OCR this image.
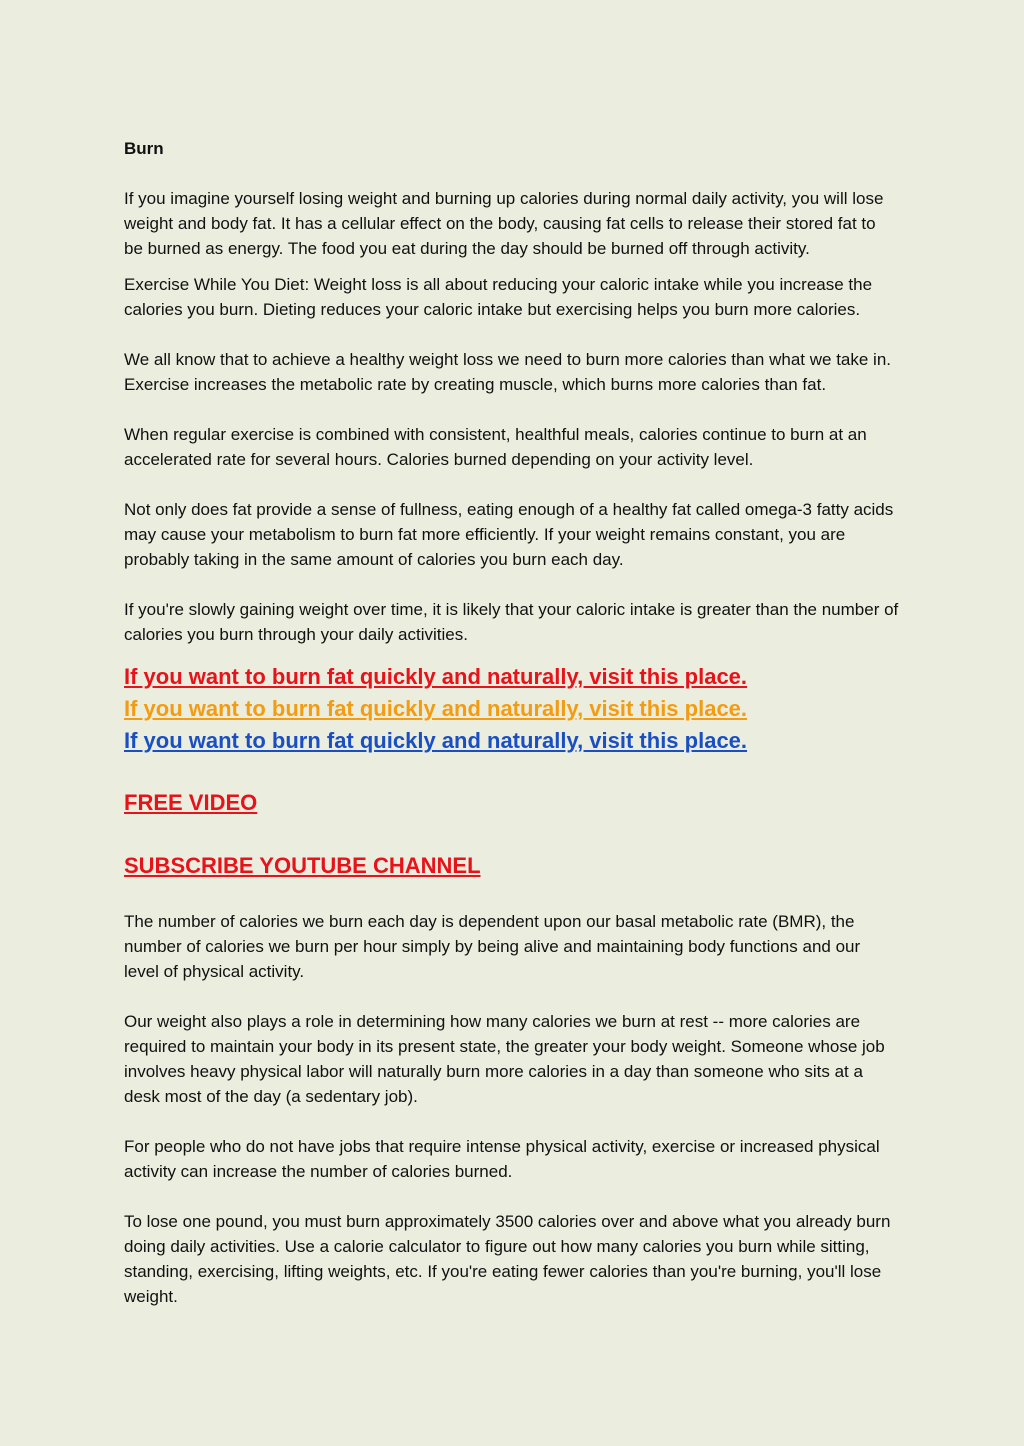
Burn

If you imagine yourself losing weight and burning up calories during normal daily activity, you will lose weight and body fat. It has a cellular effect on the body, causing fat cells to release their stored fat to be burned as energy. The food you eat during the day should be burned off through activity.

Exercise While You Diet: Weight loss is all about reducing your caloric intake while you increase the calories you burn. Dieting reduces your caloric intake but exercising helps you burn more calories.

We all know that to achieve a healthy weight loss we need to burn more calories than what we take in. Exercise increases the metabolic rate by creating muscle, which burns more calories than fat.

When regular exercise is combined with consistent, healthful meals, calories continue to burn at an accelerated rate for several hours. Calories burned depending on your activity level.

Not only does fat provide a sense of fullness, eating enough of a healthy fat called omega-3 fatty acids may cause your metabolism to burn fat more efficiently. If your weight remains constant, you are probably taking in the same amount of calories you burn each day.

If you're slowly gaining weight over time, it is likely that your caloric intake is greater than the number of calories you burn through your daily activities.

If you want to burn fat quickly and naturally, visit this place.
If you want to burn fat quickly and naturally, visit this place.
If you want to burn fat quickly and naturally, visit this place.
FREE VIDEO
SUBSCRIBE YOUTUBE CHANNEL

The number of calories we burn each day is dependent upon our basal metabolic rate (BMR), the number of calories we burn per hour simply by being alive and maintaining body functions and our level of physical activity.

Our weight also plays a role in determining how many calories we burn at rest -- more calories are required to maintain your body in its present state, the greater your body weight. Someone whose job involves heavy physical labor will naturally burn more calories in a day than someone who sits at a desk most of the day (a sedentary job).

For people who do not have jobs that require intense physical activity, exercise or increased physical activity can increase the number of calories burned.

To lose one pound, you must burn approximately 3500 calories over and above what you already burn doing daily activities. Use a calorie calculator to figure out how many calories you burn while sitting, standing, exercising, lifting weights, etc. If you're eating fewer calories than you're burning, you'll lose weight.
